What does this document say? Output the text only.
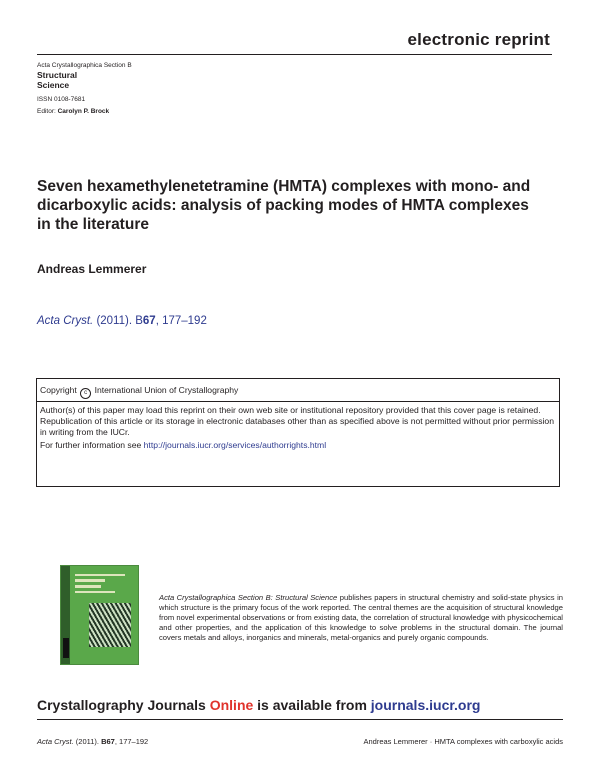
electronic reprint
Acta Crystallographica Section B
Structural
Science
ISSN 0108-7681
Editor: Carolyn P. Brock
Seven hexamethylenetetramine (HMTA) complexes with mono- and dicarboxylic acids: analysis of packing modes of HMTA complexes in the literature
Andreas Lemmerer
Acta Cryst. (2011). B67, 177–192

Copyright c International Union of Crystallography

Author(s) of this paper may load this reprint on their own web site or institutional repository provided that this cover page is retained. Republication of this article or its storage in electronic databases other than as specified above is not permitted without prior permission in writing from the IUCr.

For further information see http://journals.iucr.org/services/authorrights.html

Acta Crystallographica Section B: Structural Science publishes papers in structural chemistry and solid-state physics in which structure is the primary focus of the work reported. The central themes are the acquisition of structural knowledge from novel experimental observations or from existing data, the correlation of structural knowledge with physicochemical and other properties, and the application of this knowledge to solve problems in the structural domain. The journal covers metals and alloys, inorganics and minerals, metal-organics and purely organic compounds.
Crystallography Journals Online is available from journals.iucr.org
Acta Cryst. (2011). B67, 177–192	Andreas Lemmerer · HMTA complexes with carboxylic acids
